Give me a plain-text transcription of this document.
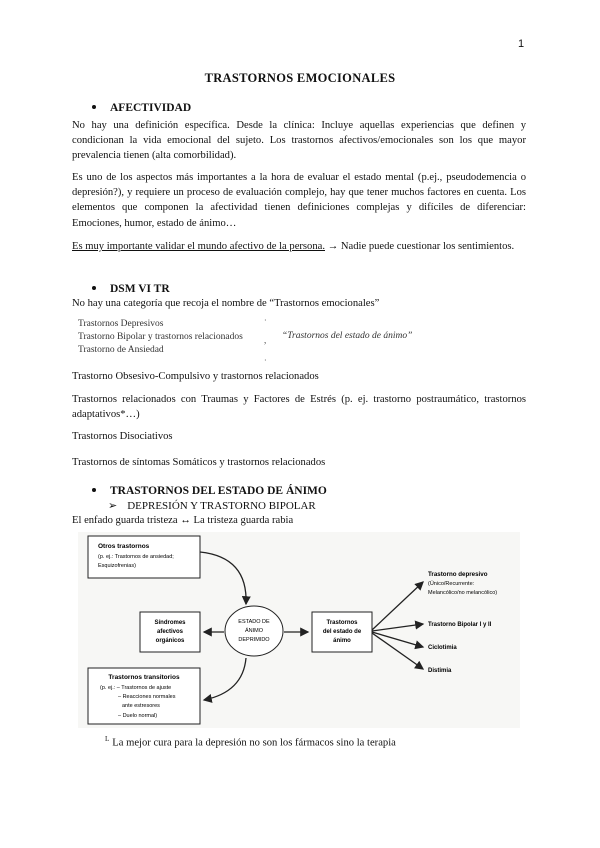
1
TRASTORNOS EMOCIONALES
AFECTIVIDAD
No hay una definición específica. Desde la clínica: Incluye aquellas experiencias que definen y condicionan la vida emocional del sujeto. Los trastornos afectivos/emocionales son los que mayor prevalencia tienen (alta comorbilidad).
Es uno de los aspectos más importantes a la hora de evaluar el estado mental (p.ej., pseudodemencia o depresión?), y requiere un proceso de evaluación complejo, hay que tener muchos factores en cuenta. Los elementos que componen la afectividad tienen definiciones complejas y difíciles de diferenciar: Emociones, humor, estado de ánimo…
Es muy importante validar el mundo afectivo de la persona. → Nadie puede cuestionar los sentimientos.
DSM VI TR
No hay una categoría que recoja el nombre de “Trastornos emocionales”
Trastornos Depresivos
Trastorno Bipolar y trastornos relacionados
Trastorno de Ansiedad
·
·
, “Trastornos del estado de ánimo”
Trastorno Obsesivo-Compulsivo y trastornos relacionados
Trastornos relacionados con Traumas y Factores de Estrés (p. ej. trastorno postraumático, trastornos adaptativos*…)
Trastornos Disociativos
Trastornos de síntomas Somáticos y trastornos relacionados
TRASTORNOS DEL ESTADO DE ÁNIMO
➢ DEPRESIÓN Y TRASTORNO BIPOLAR
El enfado guarda tristeza ↔ La tristeza guarda rabia
Otros trastornos
(p. ej.: Trastornos de ansiedad;
Esquizofrenias)
Síndromes
afectivos
orgánicos
ESTADO DE
ÁNIMO
DEPRIMIDO
Trastornos
del estado de
ánimo
Trastornos transitorios
(p. ej.: – Trastornos de ajuste
– Reacciones normales
ante estresores
– Duelo normal)
Trastorno depresivo
(Único/Recurrente:
Melancólico/no melancólico)
Trastorno Bipolar I y II
Ciclotimia
Distimia
$^L$ La mejor cura para la depresión no son los fármacos sino la terapia
